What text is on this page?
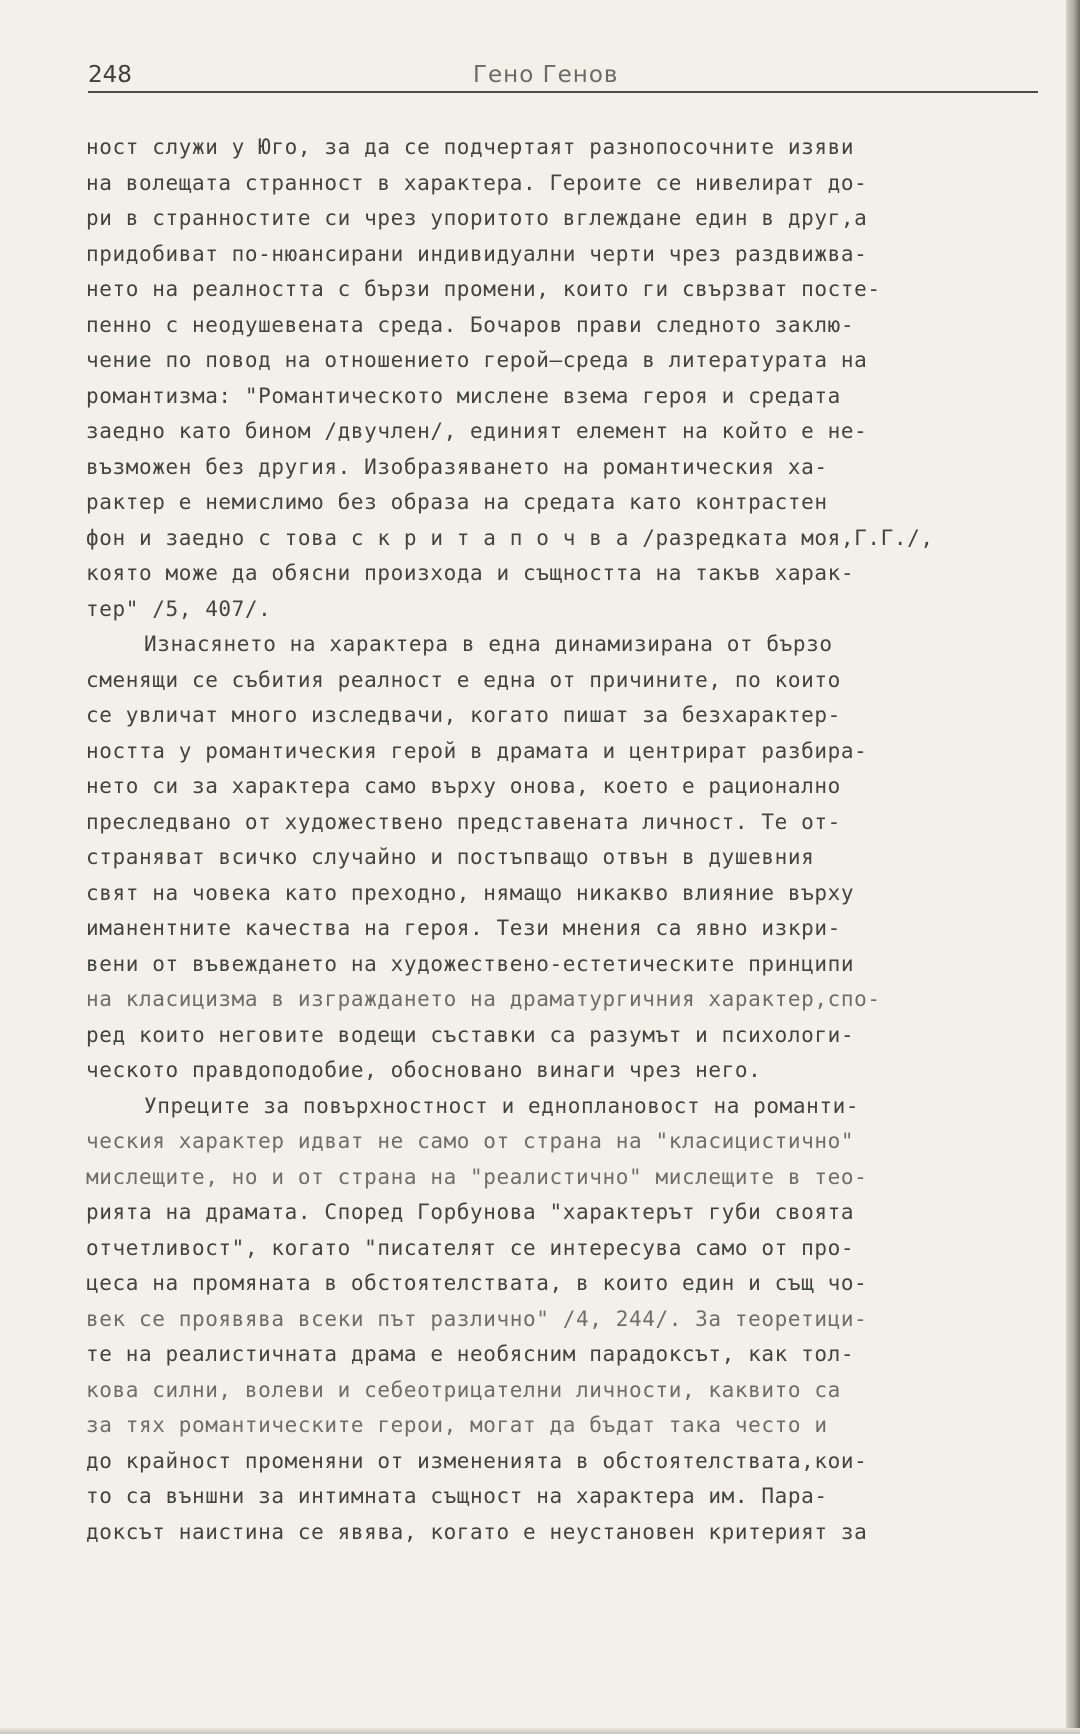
248	Гено Генов
ност служи у Юго, за да се подчертаят разнопосочните изяви
на волещата странност в характера. Героите се нивелират до-
ри в странностите си чрез упоритото вглеждане един в друг,а
придобиват по-нюансирани индивидуални черти чрез раздвижва-
нето на реалността с бързи промени, които ги свързват посте-
пенно с неодушевената среда. Бочаров прави следното заклю-
чение по повод на отношението герой–среда в литературата на
романтизма: "Романтическото мислене взема героя и средата
заедно като бином /двучлен/, единият елемент на който е не-
възможен без другия. Изобразяването на романтическия ха-
рактер е немислимо без образа на средата като контрастен
фон и заедно с това с к р и т а п о ч в а /разредката моя,Г.Г./,
която може да обясни произхода и същността на такъв харак-
тер" /5, 407/.
Изнасянето на характера в една динамизирана от бързо
сменящи се събития реалност е една от причините, по които
се увличат много изследвачи, когато пишат за безхарактер-
ността у романтическия герой в драмата и центрират разбира-
нето си за характера само върху онова, което е рационално
преследвано от художествено представената личност. Те от-
страняват всичко случайно и постъпващо отвън в душевния
свят на човека като преходно, нямащо никакво влияние върху
иманентните качества на героя. Тези мнения са явно изкри-
вени от въвеждането на художествено-естетическите принципи
на класицизма в изграждането на драматургичния характер,спо-
ред които неговите водещи съставки са разумът и психологи-
ческото правдоподобие, обосновано винаги чрез него.
Упреците за повърхностност и едноплановост на романти-
ческия характер идват не само от страна на "класицистично"
мислещите, но и от страна на "реалистично" мислещите в тео-
рията на драмата. Според Горбунова "характерът губи своята
отчетливост", когато "писателят се интересува само от про-
цеса на промяната в обстоятелствата, в които един и същ чо-
век се проявява всеки път различно" /4, 244/. За теоретици-
те на реалистичната драма е необясним парадоксът, как тол-
кова силни, волеви и себеотрицателни личности, каквито са
за тях романтическите герои, могат да бъдат така често и
до крайност променяни от измененията в обстоятелствата,кои-
то са външни за интимната същност на характера им. Пара-
доксът наистина се явява, когато е неустановен критерият за
